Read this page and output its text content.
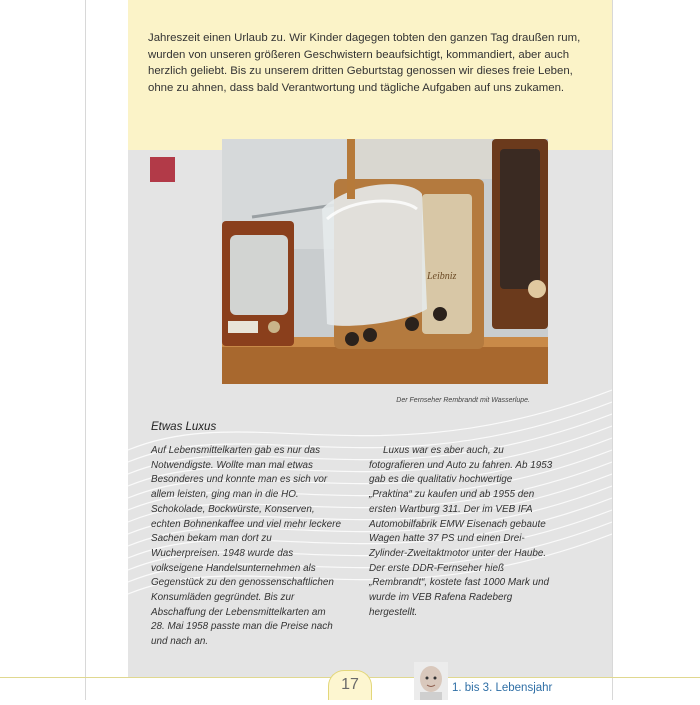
Jahreszeit einen Urlaub zu. Wir Kinder dagegen tobten den ganzen Tag draußen rum, wurden von unseren größeren Geschwistern beaufsichtigt, kommandiert, aber auch herzlich geliebt. Bis zu unserem dritten Geburtstag genossen wir dieses freie Leben, ohne zu ahnen, dass bald Verantwortung und tägliche Aufgaben auf uns zukamen.
Leibniz
Der Fernseher Rembrandt mit Wasserlupe.
Etwas Luxus
Auf Lebensmittelkarten gab es nur das Notwendigste. Wollte man mal etwas Besonderes und konnte man es sich vor allem leisten, ging man in die HO. Schokolade, Bockwürste, Konserven, echten Bohnenkaffee und viel mehr leckere Sachen bekam man dort zu Wucherpreisen. 1948 wurde das volkseigene Handelsunternehmen als Gegenstück zu den genossenschaftlichen Konsumläden gegründet. Bis zur Abschaffung der Lebensmittelkarten am 28. Mai 1958 passte man die Preise nach und nach an.
Luxus war es aber auch, zu fotografieren und Auto zu fahren. Ab 1953 gab es die qualitativ hochwertige „Praktina“ zu kaufen und ab 1955 den ersten Wartburg 311. Der im VEB IFA Automobilfabrik EMW Eisenach gebaute Wagen hatte 37 PS und einen Drei-Zylinder-Zweitaktmotor unter der Haube. Der erste DDR-Fernseher hieß „Rembrandt“, kostete fast 1000 Mark und wurde im VEB Rafena Radeberg hergestellt.
17	1. bis 3. Lebensjahr
